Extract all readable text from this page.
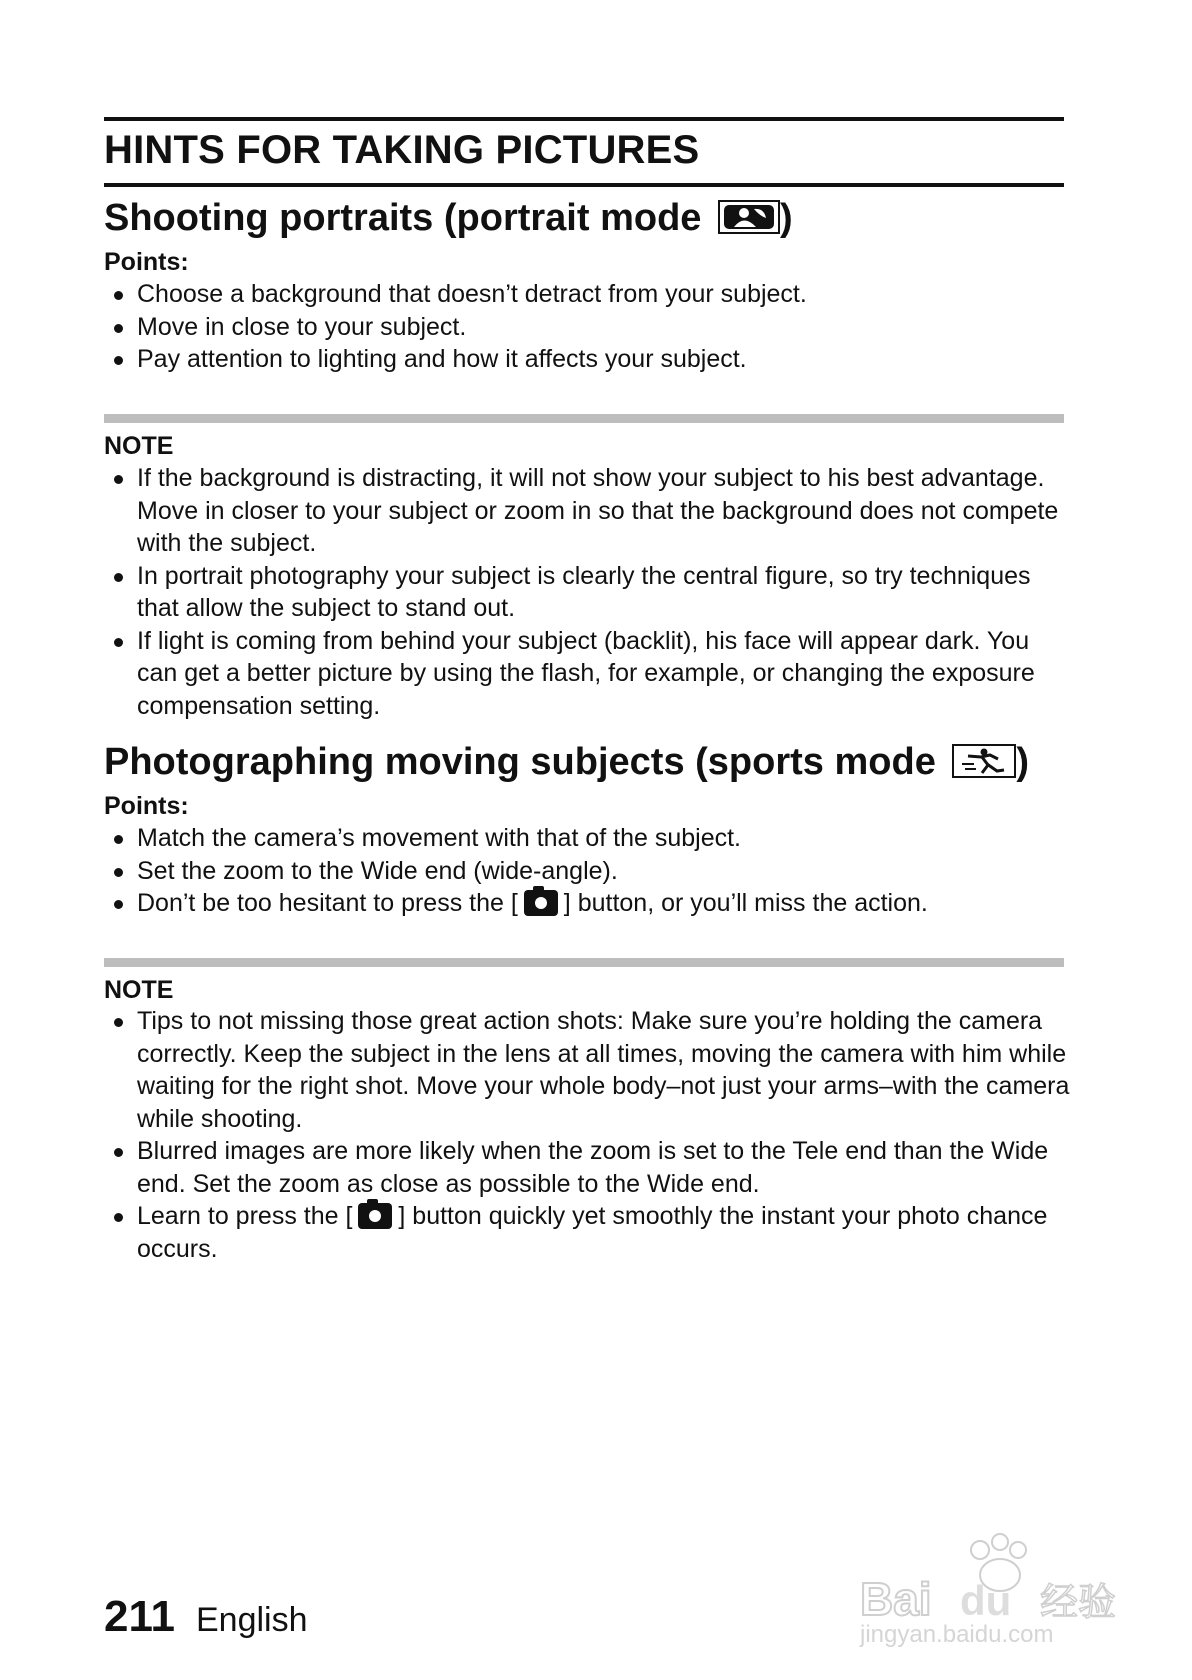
HINTS FOR TAKING PICTURES
Shooting portraits (portrait mode )
Points:
Choose a background that doesn’t detract from your subject.
Move in close to your subject.
Pay attention to lighting and how it affects your subject.
NOTE
If the background is distracting, it will not show your subject to his best advantage. Move in closer to your subject or zoom in so that the background does not compete with the subject.
In portrait photography your subject is clearly the central figure, so try techniques that allow the subject to stand out.
If light is coming from behind your subject (backlit), his face will appear dark. You can get a better picture by using the flash, for example, or changing the exposure compensation setting.
Photographing moving subjects (sports mode )
Points:
Match the camera’s movement with that of the subject.
Set the zoom to the Wide end (wide-angle).
Don’t be too hesitant to press the [ ] button, or you’ll miss the action.
NOTE
Tips to not missing those great action shots: Make sure you’re holding the camera correctly. Keep the subject in the lens at all times, moving the camera with him while waiting for the right shot. Move your whole body–not just your arms–with the camera while shooting.
Blurred images are more likely when the zoom is set to the Tele end than the Wide end. Set the zoom as close as possible to the Wide end.
Learn to press the [ ] button quickly yet smoothly the instant your photo chance occurs.
211 English	Bai du 经验
jingyan.baidu.com
